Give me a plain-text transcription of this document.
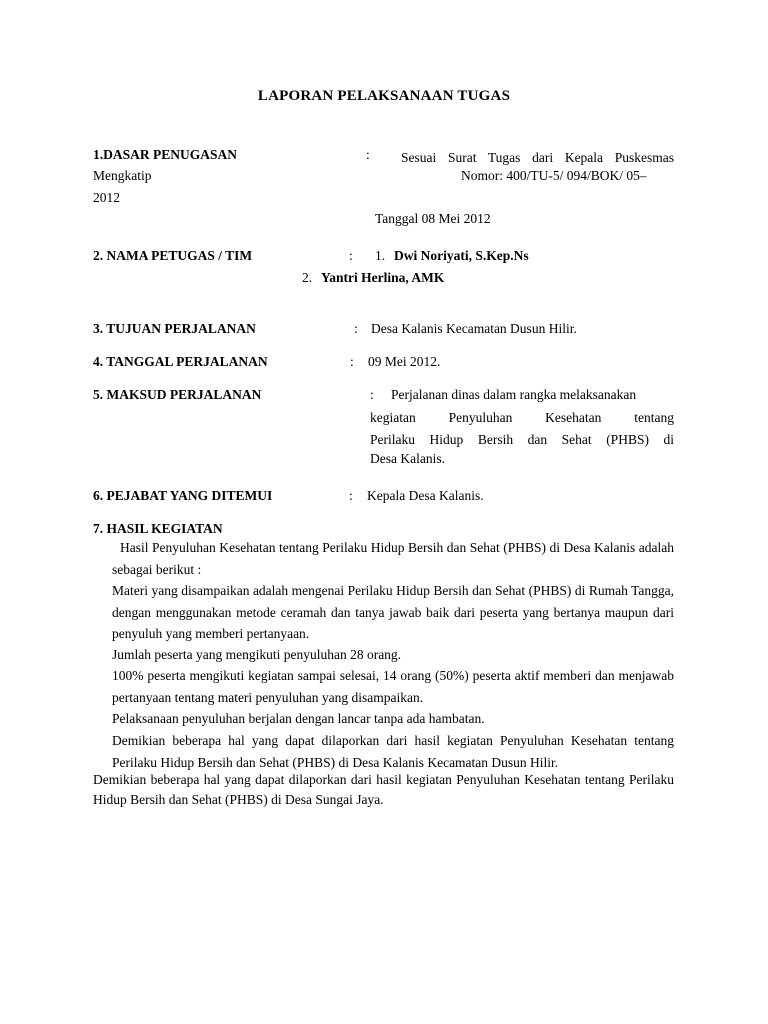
LAPORAN PELAKSANAAN TUGAS
1.DASAR PENUGASAN	: Sesuai Surat Tugas dari Kepala Puskesmas
Mengkatip	Nomor: 400/TU-5/ 094/BOK/ 05–
2012
Tanggal 08 Mei 2012
2. NAMA PETUGAS / TIM	: 1. Dwi Noriyati, S.Kep.Ns
2. Yantri Herlina, AMK
3. TUJUAN PERJALANAN	: Desa Kalanis Kecamatan Dusun Hilir.
4. TANGGAL PERJALANAN	: 09 Mei 2012.
5. MAKSUD PERJALANAN	: Perjalanan dinas dalam rangka melaksanakan
kegiatan Penyuluhan Kesehatan tentang
Perilaku Hidup Bersih dan Sehat (PHBS) di
Desa Kalanis.
6. PEJABAT YANG DITEMUI	: Kepala Desa Kalanis.
7. HASIL KEGIATAN
Hasil Penyuluhan Kesehatan tentang Perilaku Hidup Bersih dan Sehat (PHBS) di Desa Kalanis adalah sebagai berikut :
Materi yang disampaikan adalah mengenai Perilaku Hidup Bersih dan Sehat (PHBS) di Rumah Tangga, dengan menggunakan metode ceramah dan tanya jawab baik dari peserta yang bertanya maupun dari penyuluh yang memberi pertanyaan.
Jumlah peserta yang mengikuti penyuluhan 28 orang.
100% peserta mengikuti kegiatan sampai selesai, 14 orang (50%) peserta aktif memberi dan menjawab pertanyaan tentang materi penyuluhan yang disampaikan.
Pelaksanaan penyuluhan berjalan dengan lancar tanpa ada hambatan.
Demikian beberapa hal yang dapat dilaporkan dari hasil kegiatan Penyuluhan Kesehatan tentang Perilaku Hidup Bersih dan Sehat (PHBS) di Desa Kalanis Kecamatan Dusun Hilir.
Demikian beberapa hal yang dapat dilaporkan dari hasil kegiatan Penyuluhan Kesehatan tentang Perilaku Hidup Bersih dan Sehat (PHBS) di Desa Sungai Jaya.
